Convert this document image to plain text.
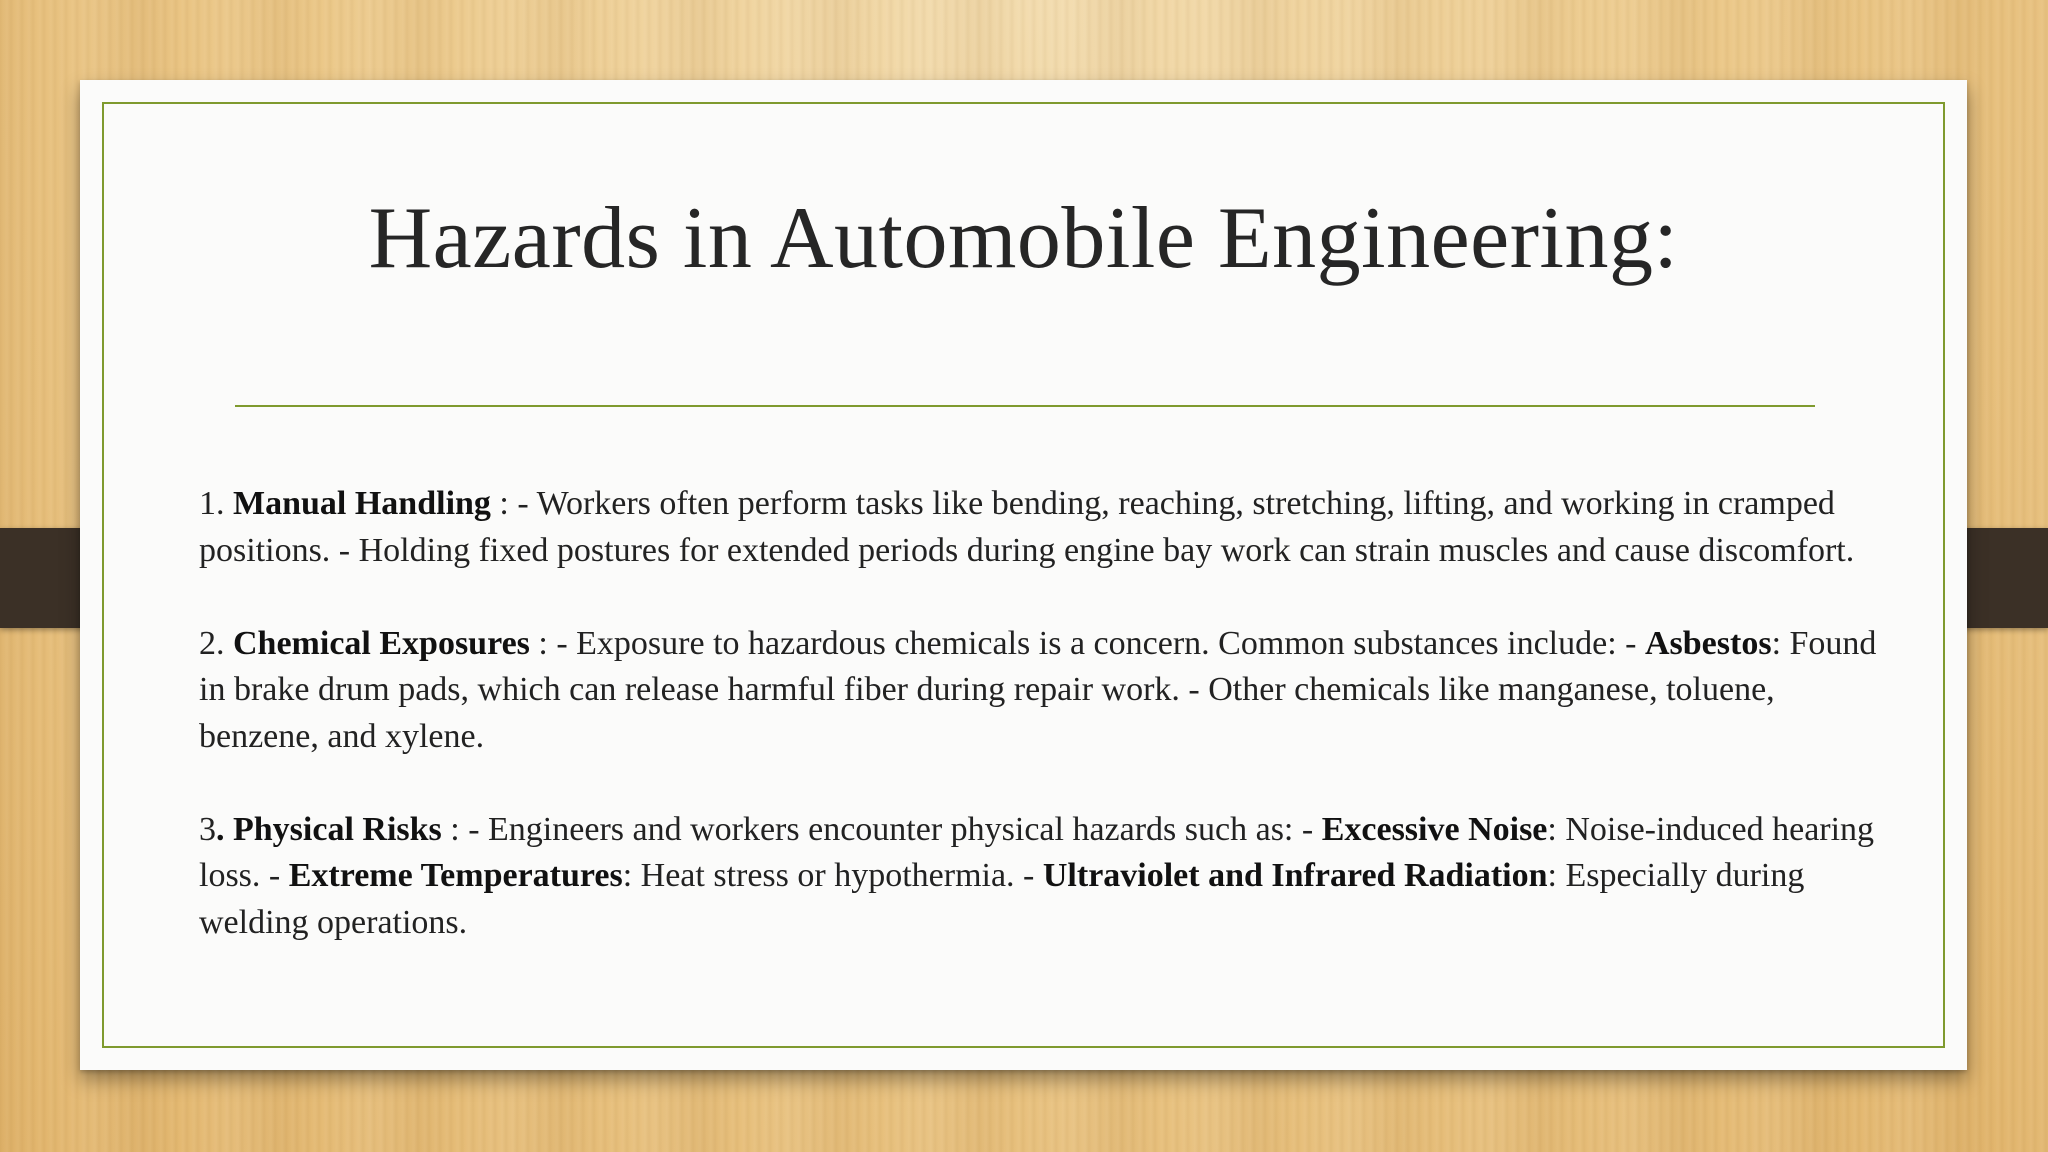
Hazards in Automobile Engineering:

1. Manual Handling : - Workers often perform tasks like bending, reaching, stretching, lifting, and working in cramped positions. - Holding fixed postures for extended periods during engine bay work can strain muscles and cause discomfort.

2. Chemical Exposures : - Exposure to hazardous chemicals is a concern. Common substances include: - Asbestos: Found in brake drum pads, which can release harmful fiber during repair work. - Other chemicals like manganese, toluene, benzene, and xylene.

3. Physical Risks : - Engineers and workers encounter physical hazards such as: - Excessive Noise: Noise-induced hearing loss. - Extreme Temperatures: Heat stress or hypothermia. - Ultraviolet and Infrared Radiation: Especially during welding operations.
